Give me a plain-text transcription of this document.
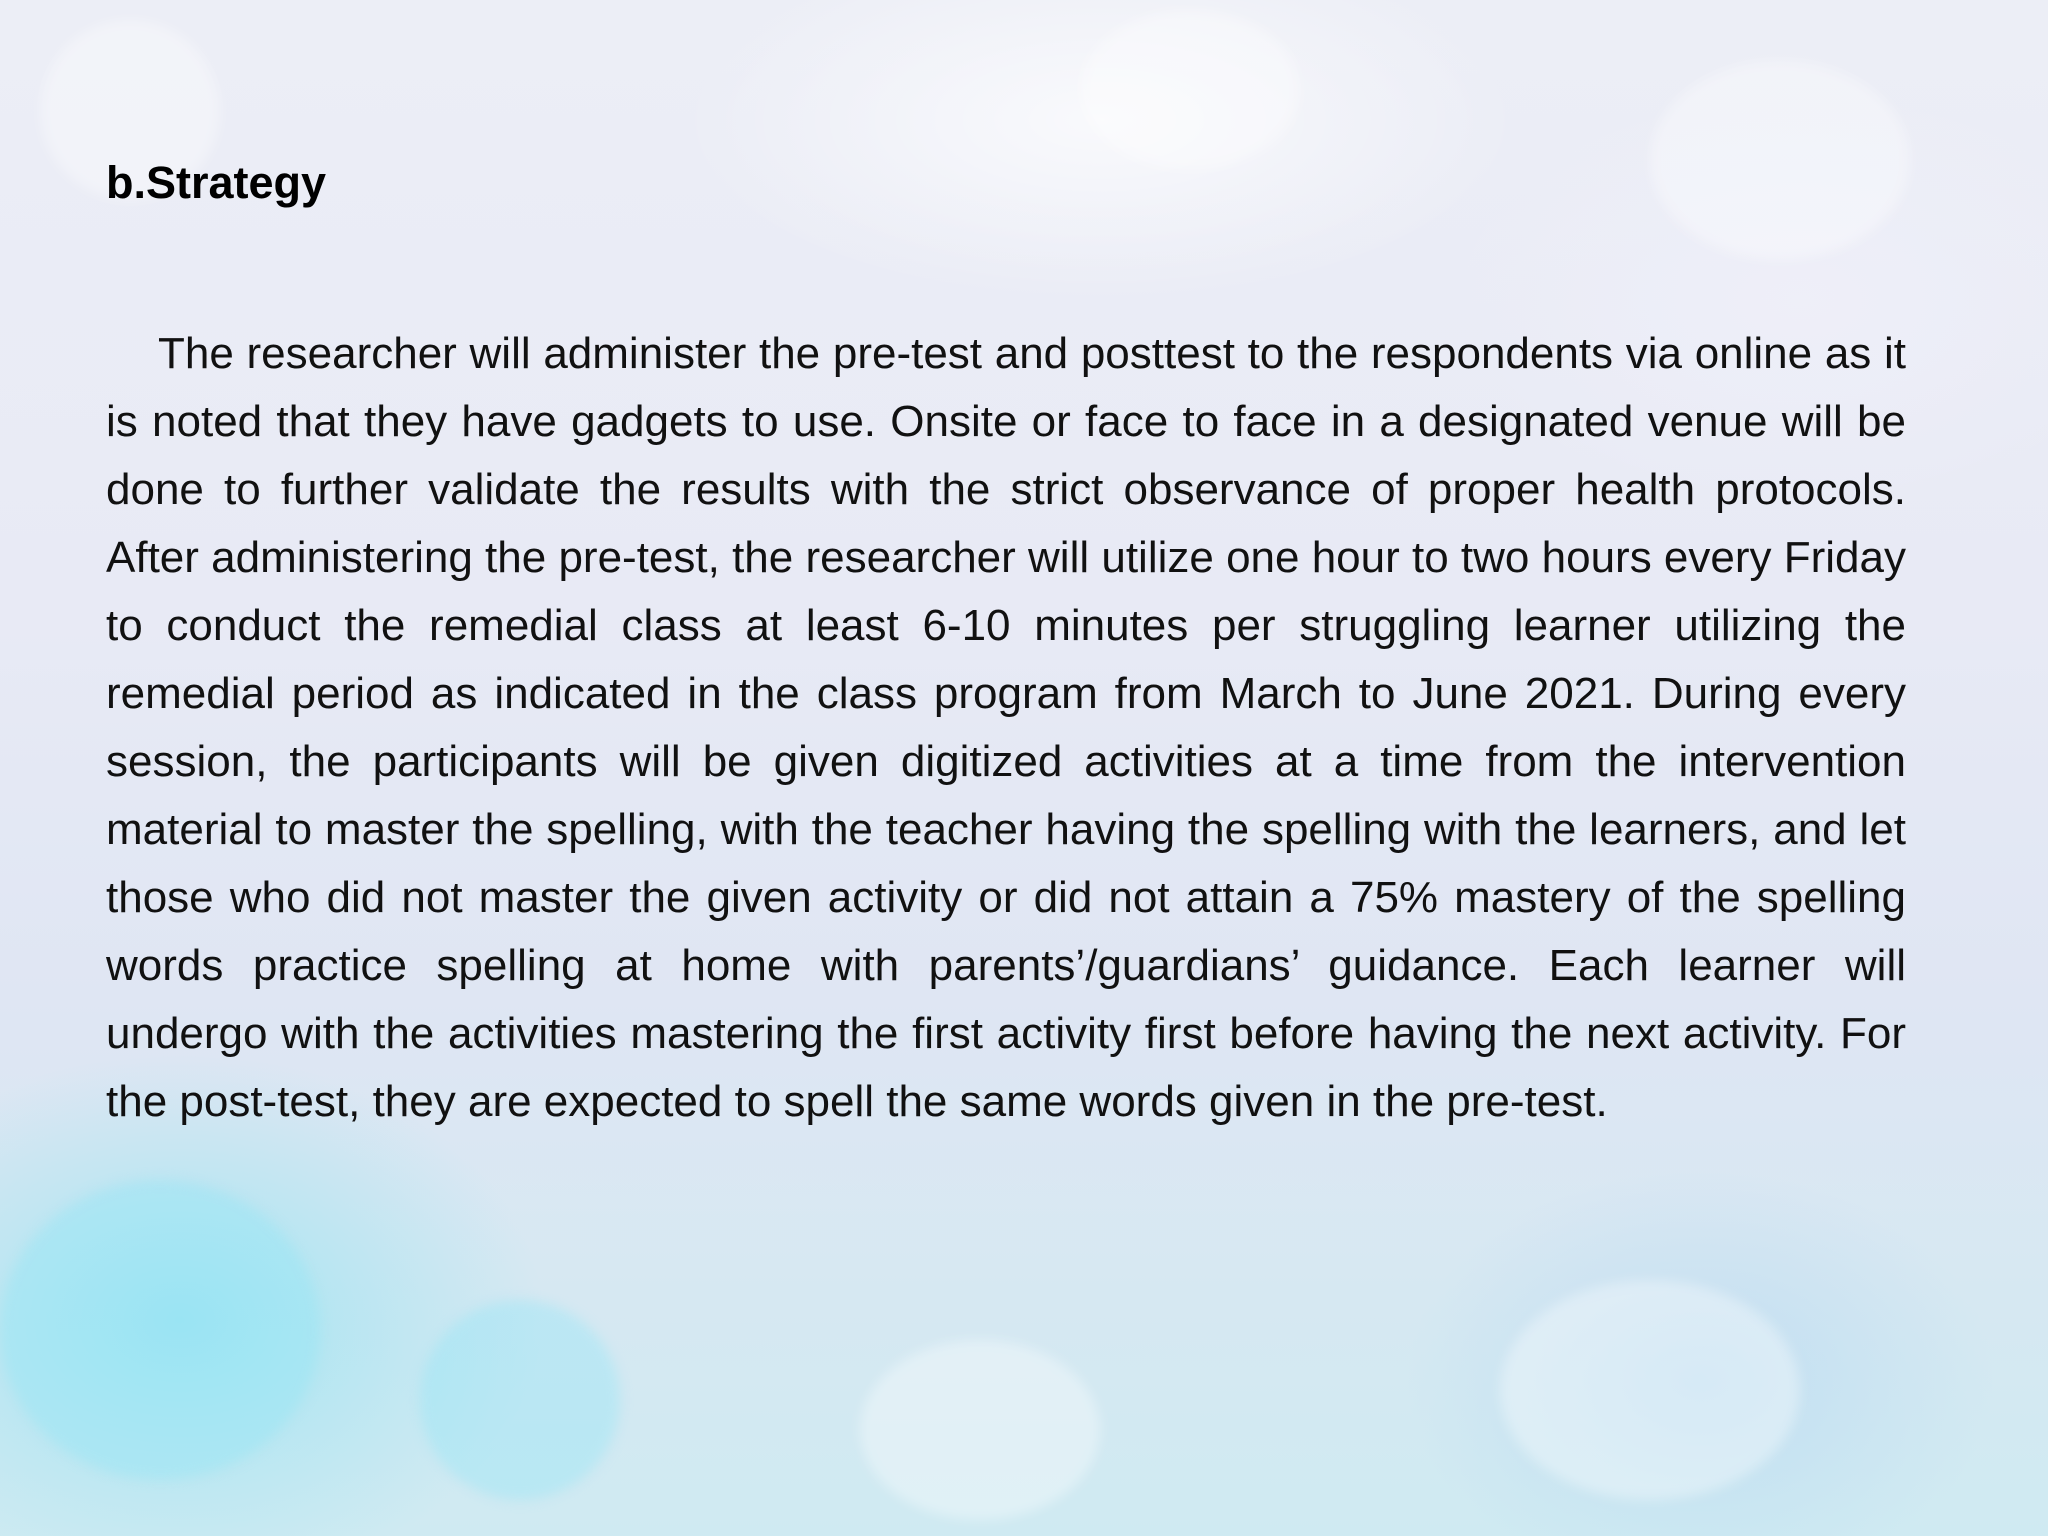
b.Strategy

The researcher will administer the pre-test and posttest to the respondents via online as it is noted that they have gadgets to use. Onsite or face to face in a designated venue will be done to further validate the results with the strict observance of proper health protocols. After administering the pre-test, the researcher will utilize one hour to two hours every Friday to conduct the remedial class at least 6-10 minutes per struggling learner utilizing the remedial period as indicated in the class program from March to June 2021. During every session, the participants will be given digitized activities at a time from the intervention material to master the spelling, with the teacher having the spelling with the learners, and let those who did not master the given activity or did not attain a 75% mastery of the spelling words practice spelling at home with parents’/guardians’ guidance. Each learner will undergo with the activities mastering the first activity first before having the next activity. For the post-test, they are expected to spell the same words given in the pre-test.
